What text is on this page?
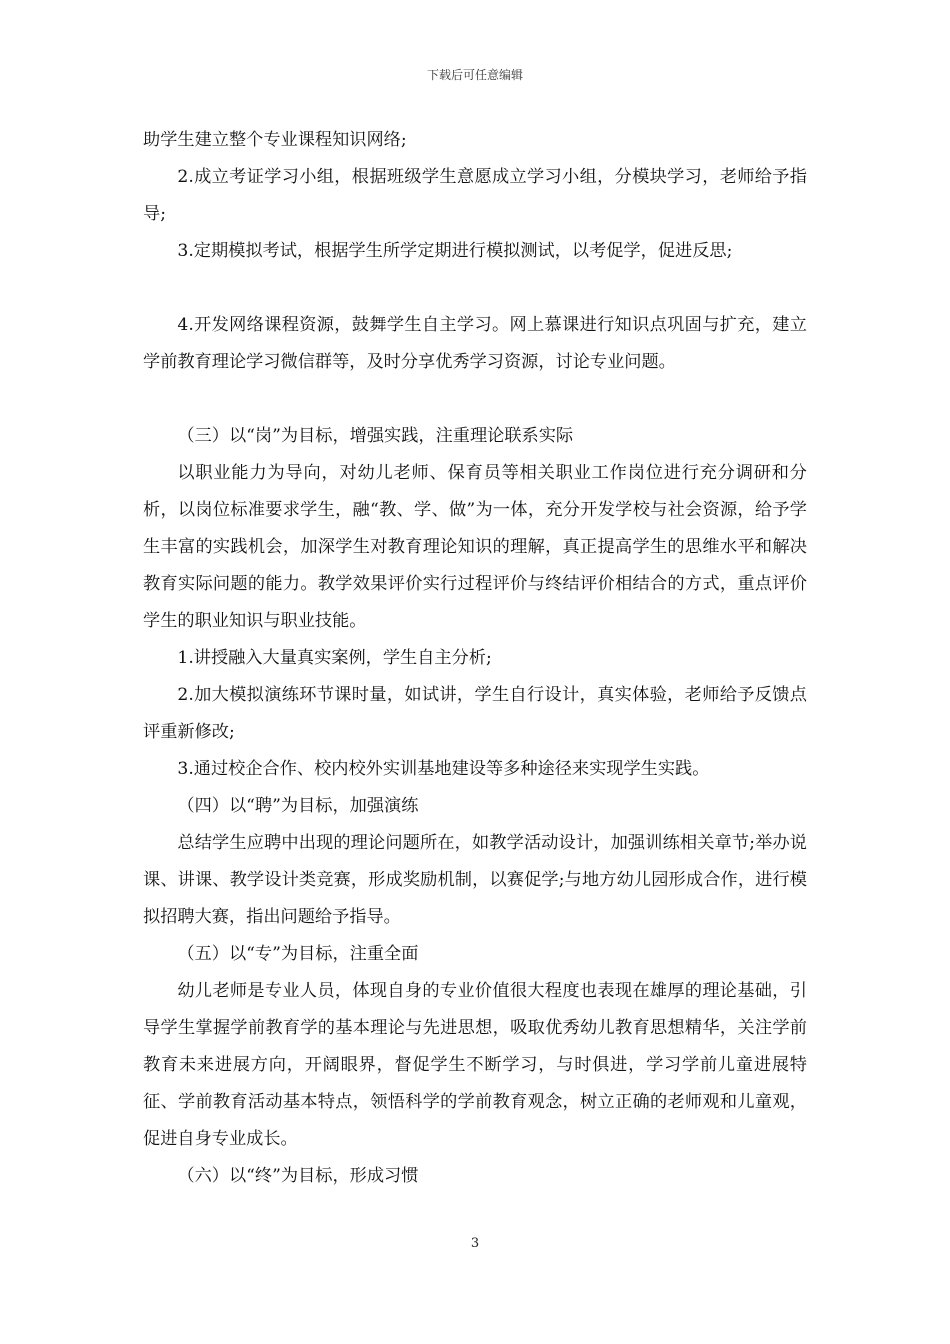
下载后可任意编辑

助学生建立整个专业课程知识网络;

2.成立考证学习小组，根据班级学生意愿成立学习小组，分模块学习，老师给予指导;

3.定期模拟考试，根据学生所学定期进行模拟测试，以考促学，促进反思;

4.开发网络课程资源，鼓舞学生自主学习。网上慕课进行知识点巩固与扩充，建立学前教育理论学习微信群等，及时分享优秀学习资源，讨论专业问题。

（三）以“岗”为目标，增强实践，注重理论联系实际

以职业能力为导向，对幼儿老师、保育员等相关职业工作岗位进行充分调研和分析，以岗位标准要求学生，融“教、学、做”为一体，充分开发学校与社会资源，给予学生丰富的实践机会，加深学生对教育理论知识的理解，真正提高学生的思维水平和解决教育实际问题的能力。教学效果评价实行过程评价与终结评价相结合的方式，重点评价学生的职业知识与职业技能。

1.讲授融入大量真实案例，学生自主分析;

2.加大模拟演练环节课时量，如试讲，学生自行设计，真实体验，老师给予反馈点评重新修改;

3.通过校企合作、校内校外实训基地建设等多种途径来实现学生实践。

（四）以“聘”为目标，加强演练

总结学生应聘中出现的理论问题所在，如教学活动设计，加强训练相关章节;举办说课、讲课、教学设计类竞赛，形成奖励机制，以赛促学;与地方幼儿园形成合作，进行模拟招聘大赛，指出问题给予指导。

（五）以“专”为目标，注重全面

幼儿老师是专业人员，体现自身的专业价值很大程度也表现在雄厚的理论基础，引导学生掌握学前教育学的基本理论与先进思想，吸取优秀幼儿教育思想精华，关注学前教育未来进展方向，开阔眼界，督促学生不断学习，与时俱进，学习学前儿童进展特征、学前教育活动基本特点，领悟科学的学前教育观念，树立正确的老师观和儿童观，促进自身专业成长。

（六）以“终”为目标，形成习惯

3
